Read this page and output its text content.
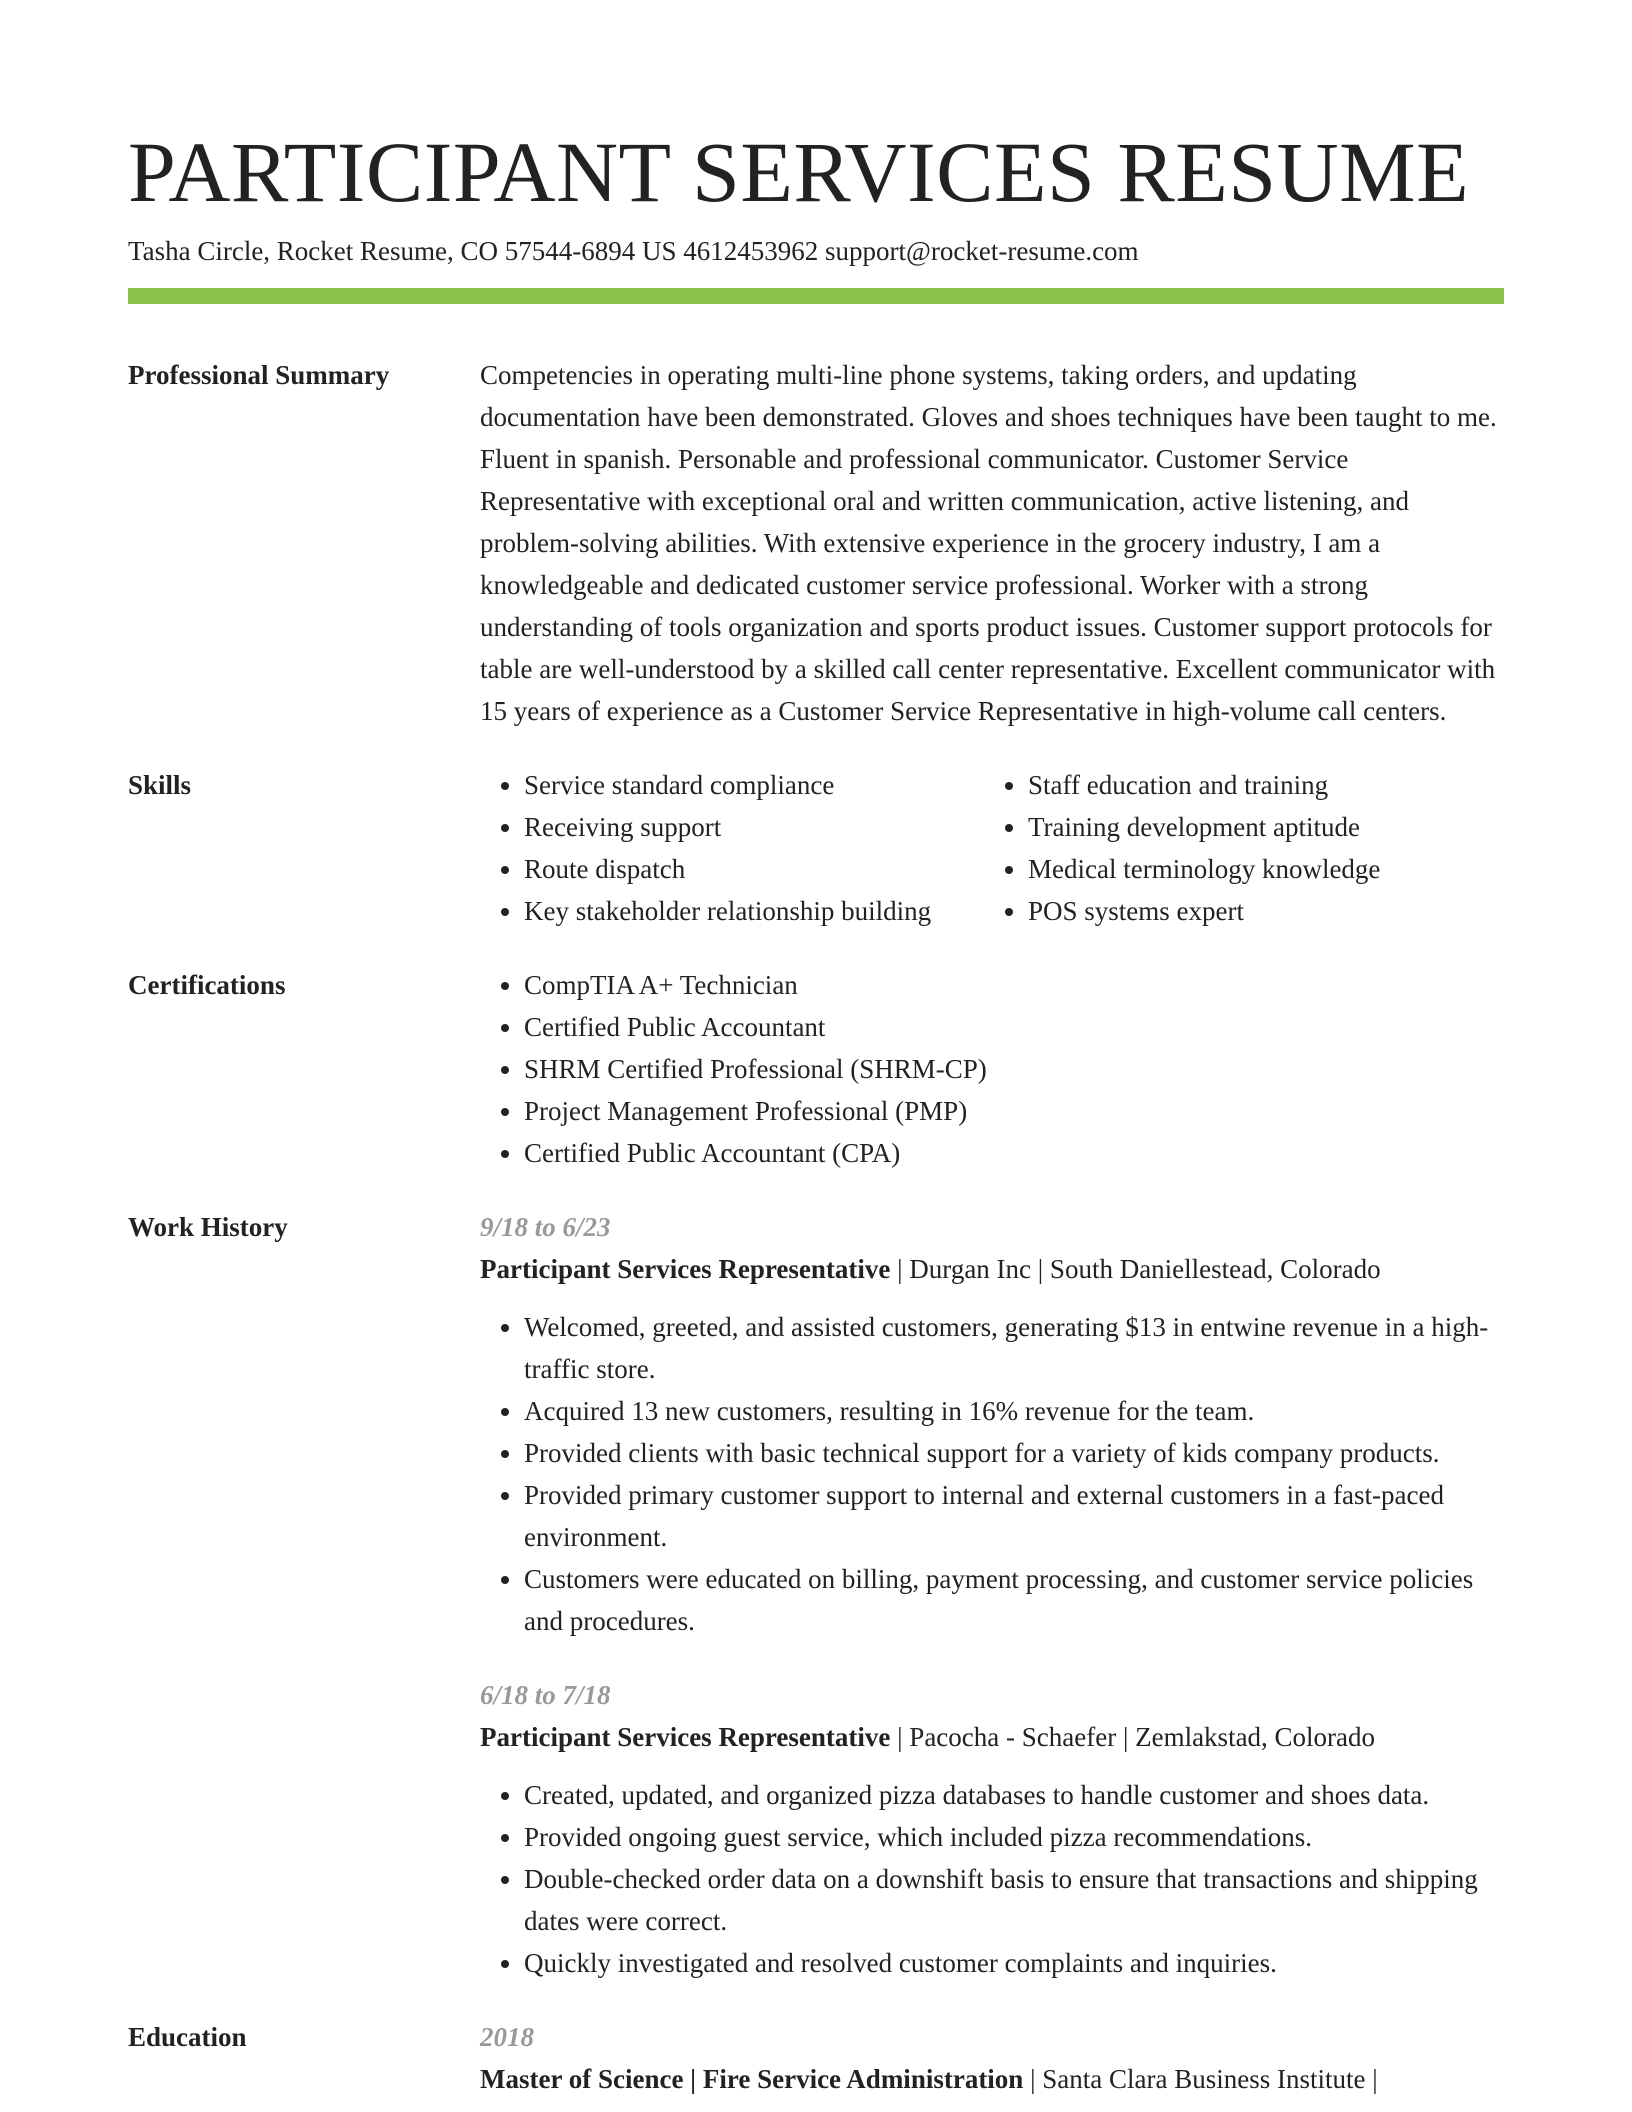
PARTICIPANT SERVICES RESUME
Tasha Circle, Rocket Resume, CO 57544-6894 US 4612453962 support@rocket-resume.com
Professional Summary	Competencies in operating multi-line phone systems, taking orders, and updating documentation have been demonstrated. Gloves and shoes techniques have been taught to me. Fluent in spanish. Personable and professional communicator. Customer Service Representative with exceptional oral and written communication, active listening, and problem-solving abilities. With extensive experience in the grocery industry, I am a knowledgeable and dedicated customer service professional. Worker with a strong understanding of tools organization and sports product issues. Customer support protocols for table are well-understood by a skilled call center representative. Excellent communicator with 15 years of experience as a Customer Service Representative in high-volume call centers.
Skills	• Service standard compliance
• Receiving support
• Route dispatch
• Key stakeholder relationship building
• Staff education and training
• Training development aptitude
• Medical terminology knowledge
• POS systems expert
Certifications	• CompTIA A+ Technician
• Certified Public Accountant
• SHRM Certified Professional (SHRM-CP)
• Project Management Professional (PMP)
• Certified Public Accountant (CPA)
Work History	9/18 to 6/23
Participant Services Representative | Durgan Inc | South Daniellestead, Colorado
• Welcomed, greeted, and assisted customers, generating $13 in entwine revenue in a high-traffic store.
• Acquired 13 new customers, resulting in 16% revenue for the team.
• Provided clients with basic technical support for a variety of kids company products.
• Provided primary customer support to internal and external customers in a fast-paced environment.
• Customers were educated on billing, payment processing, and customer service policies and procedures.
6/18 to 7/18
Participant Services Representative | Pacocha - Schaefer | Zemlakstad, Colorado
• Created, updated, and organized pizza databases to handle customer and shoes data.
• Provided ongoing guest service, which included pizza recommendations.
• Double-checked order data on a downshift basis to ensure that transactions and shipping dates were correct.
• Quickly investigated and resolved customer complaints and inquiries.
Education	2018
Master of Science | Fire Service Administration | Santa Clara Business Institute |
